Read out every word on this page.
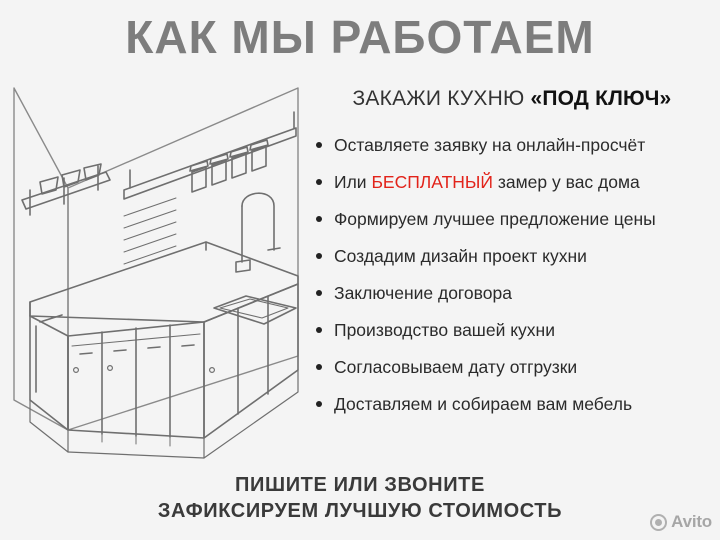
КАК МЫ РАБОТАЕМ
ЗАКАЖИ КУХНЮ «ПОД КЛЮЧ»
Оставляете заявку на онлайн-просчёт
Или БЕСПЛАТНЫЙ замер у вас дома
Формируем лучшее предложение цены
Создадим дизайн проект кухни
Заключение договора
Производство вашей кухни
Согласовываем дату отгрузки
Доставляем и собираем вам мебель
ПИШИТЕ ИЛИ ЗВОНИТЕ
ЗАФИКСИРУЕМ ЛУЧШУЮ СТОИМОСТЬ	Avito
